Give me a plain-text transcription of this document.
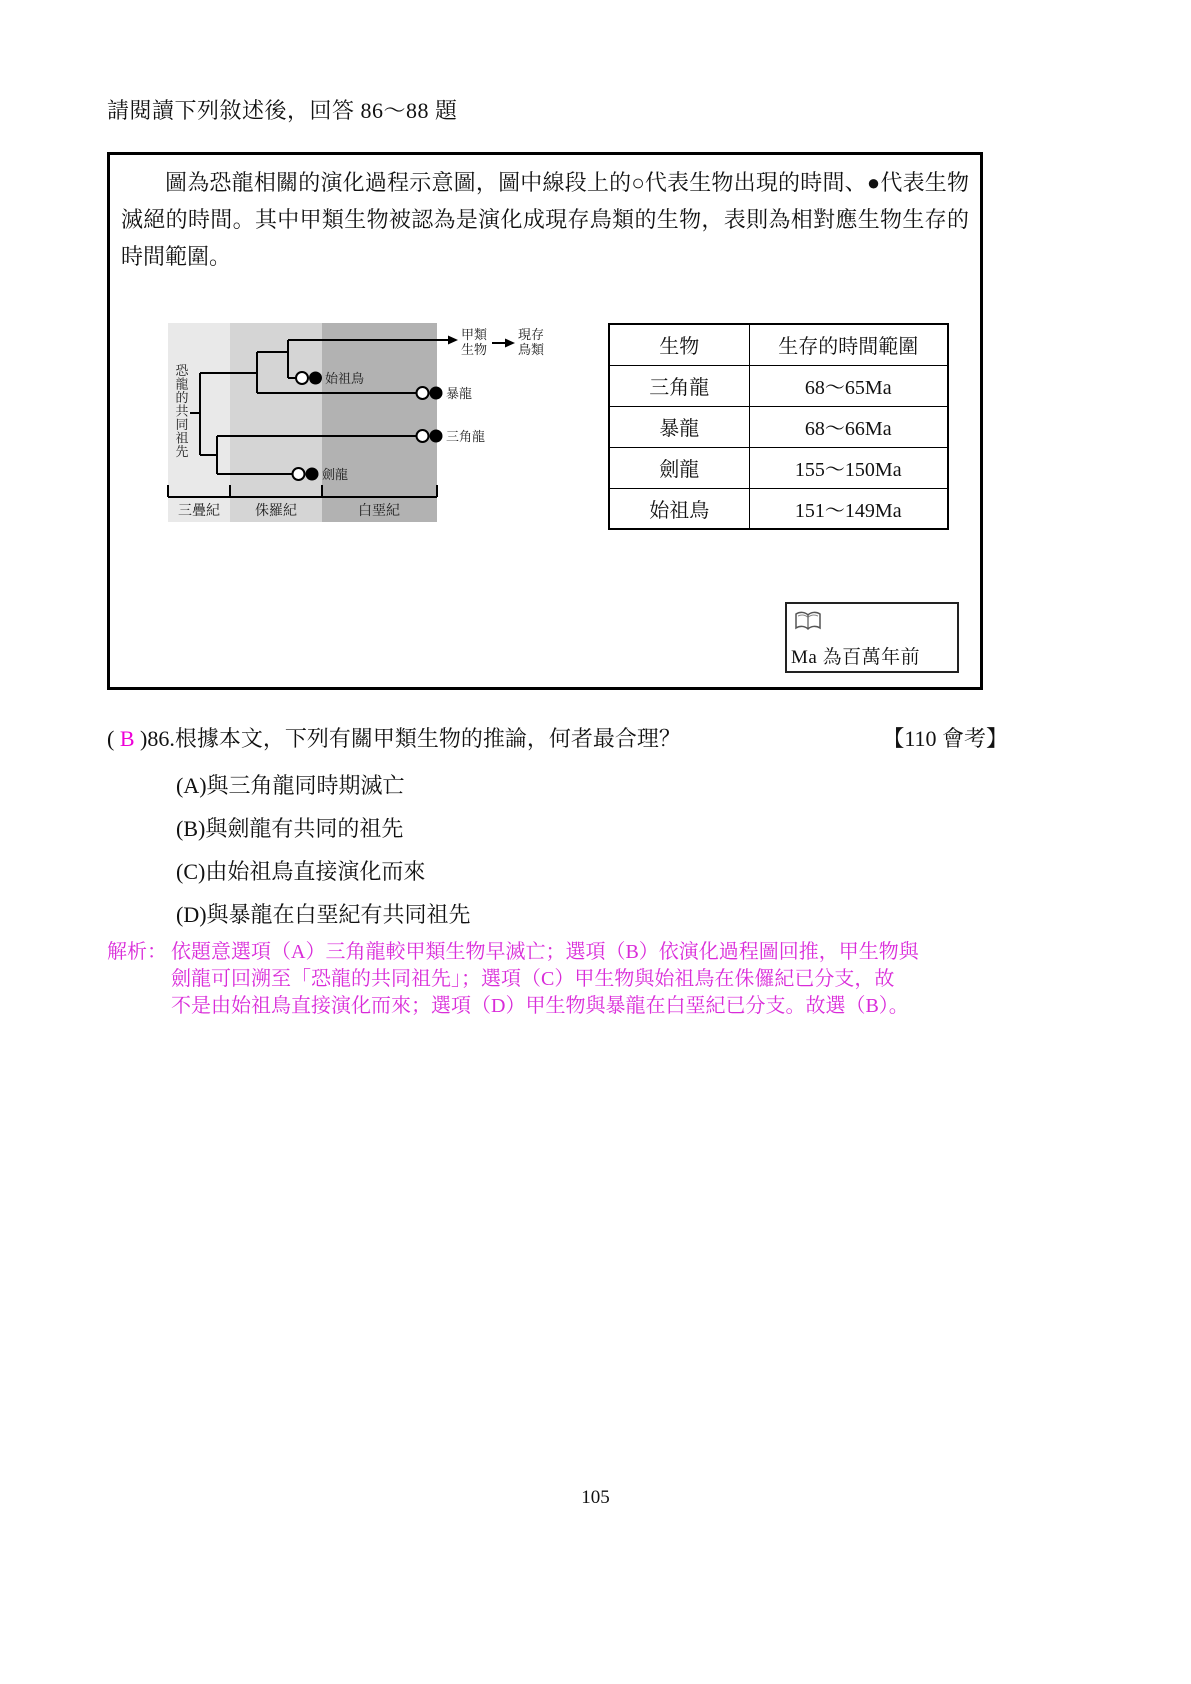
請閱讀下列敘述後，回答 86～88 題
圖為恐龍相關的演化過程示意圖，圖中線段上的○代表生物出現的時間、●代表生物滅絕的時間。其中甲類生物被認為是演化成現存鳥類的生物，表則為相對應生物生存的時間範圍。
三疊紀	侏羅紀	白堊紀
恐
龍
的
共
同
祖
先
甲類
生物
現存
鳥類
始祖鳥
暴龍
三角龍
劍龍
生物	生存的時間範圍
三角龍	68～65Ma
暴龍	68～66Ma
劍龍	155～150Ma
始祖鳥	151～149Ma
Ma 為百萬年前
( B )86.根據本文，下列有關甲類生物的推論，何者最合理？	【110 會考】
(A)與三角龍同時期滅亡
(B)與劍龍有共同的祖先
(C)由始祖鳥直接演化而來
(D)與暴龍在白堊紀有共同祖先
解析： 依題意選項（A）三角龍較甲類生物早滅亡；選項（B）依演化過程圖回推，甲生物與
劍龍可回溯至「恐龍的共同祖先」；選項（C）甲生物與始祖鳥在侏儸紀已分支，故
不是由始祖鳥直接演化而來；選項（D）甲生物與暴龍在白堊紀已分支。故選（B）。
105
